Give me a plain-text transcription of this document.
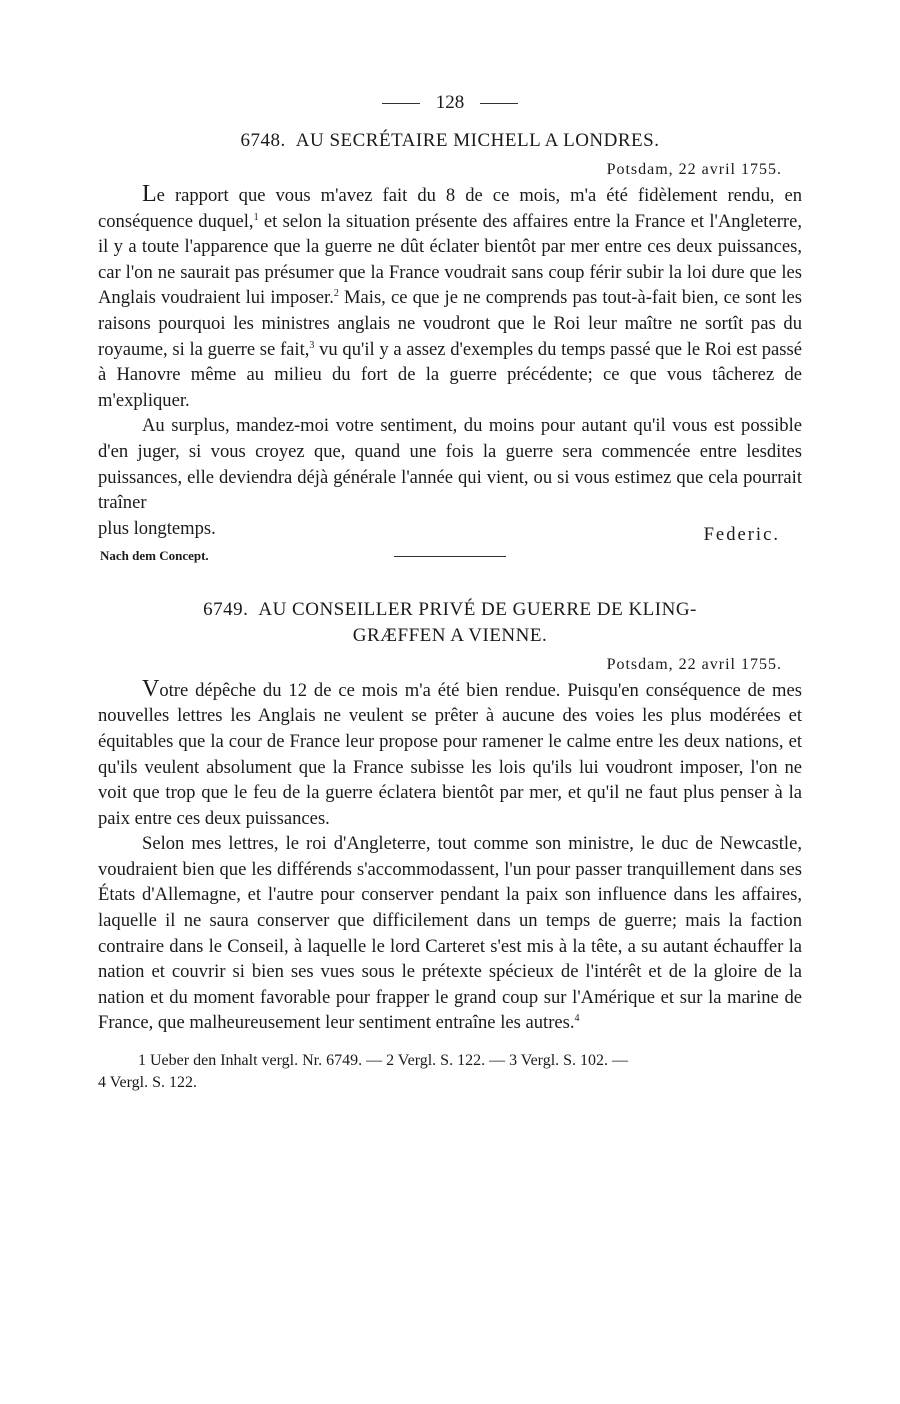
128
6748. AU SECRÉTAIRE MICHELL A LONDRES.
Potsdam, 22 avril 1755.

Le rapport que vous m'avez fait du 8 de ce mois, m'a été fidèlement rendu, en conséquence duquel,$^1$ et selon la situation présente des affaires entre la France et l'Angleterre, il y a toute l'apparence que la guerre ne dût éclater bientôt par mer entre ces deux puissances, car l'on ne saurait pas présumer que la France voudrait sans coup férir subir la loi dure que les Anglais voudraient lui imposer.$^2$ Mais, ce que je ne comprends pas tout-à-fait bien, ce sont les raisons pourquoi les ministres anglais ne voudront que le Roi leur maître ne sortît pas du royaume, si la guerre se fait,$^3$ vu qu'il y a assez d'exemples du temps passé que le Roi est passé à Hanovre même au milieu du fort de la guerre précédente; ce que vous tâcherez de m'expliquer.

Au surplus, mandez-moi votre sentiment, du moins pour autant qu'il vous est possible d'en juger, si vous croyez que, quand une fois la guerre sera commencée entre lesdites puissances, elle deviendra déjà générale l'année qui vient, ou si vous estimez que cela pourrait traîner

plus longtemps.	Federic.
Nach dem Concept.
6749. AU CONSEILLER PRIVÉ DE GUERRE DE KLING-
GRÆFFEN A VIENNE.
Potsdam, 22 avril 1755.

Votre dépêche du 12 de ce mois m'a été bien rendue. Puisqu'en conséquence de mes nouvelles lettres les Anglais ne veulent se prêter à aucune des voies les plus modérées et équitables que la cour de France leur propose pour ramener le calme entre les deux nations, et qu'ils veulent absolument que la France subisse les lois qu'ils lui voudront imposer, l'on ne voit que trop que le feu de la guerre éclatera bientôt par mer, et qu'il ne faut plus penser à la paix entre ces deux puissances.

Selon mes lettres, le roi d'Angleterre, tout comme son ministre, le duc de Newcastle, voudraient bien que les différends s'accommodassent, l'un pour passer tranquillement dans ses États d'Allemagne, et l'autre pour conserver pendant la paix son influence dans les affaires, laquelle il ne saura conserver que difficilement dans un temps de guerre; mais la faction contraire dans le Conseil, à laquelle le lord Carteret s'est mis à la tête, a su autant échauffer la nation et couvrir si bien ses vues sous le prétexte spécieux de l'intérêt et de la gloire de la nation et du moment favorable pour frapper le grand coup sur l'Amérique et sur la marine de France, que malheureusement leur sentiment entraîne les autres.$^4$

1 Ueber den Inhalt vergl. Nr. 6749. — 2 Vergl. S. 122. — 3 Vergl. S. 102. —
4 Vergl. S. 122.
